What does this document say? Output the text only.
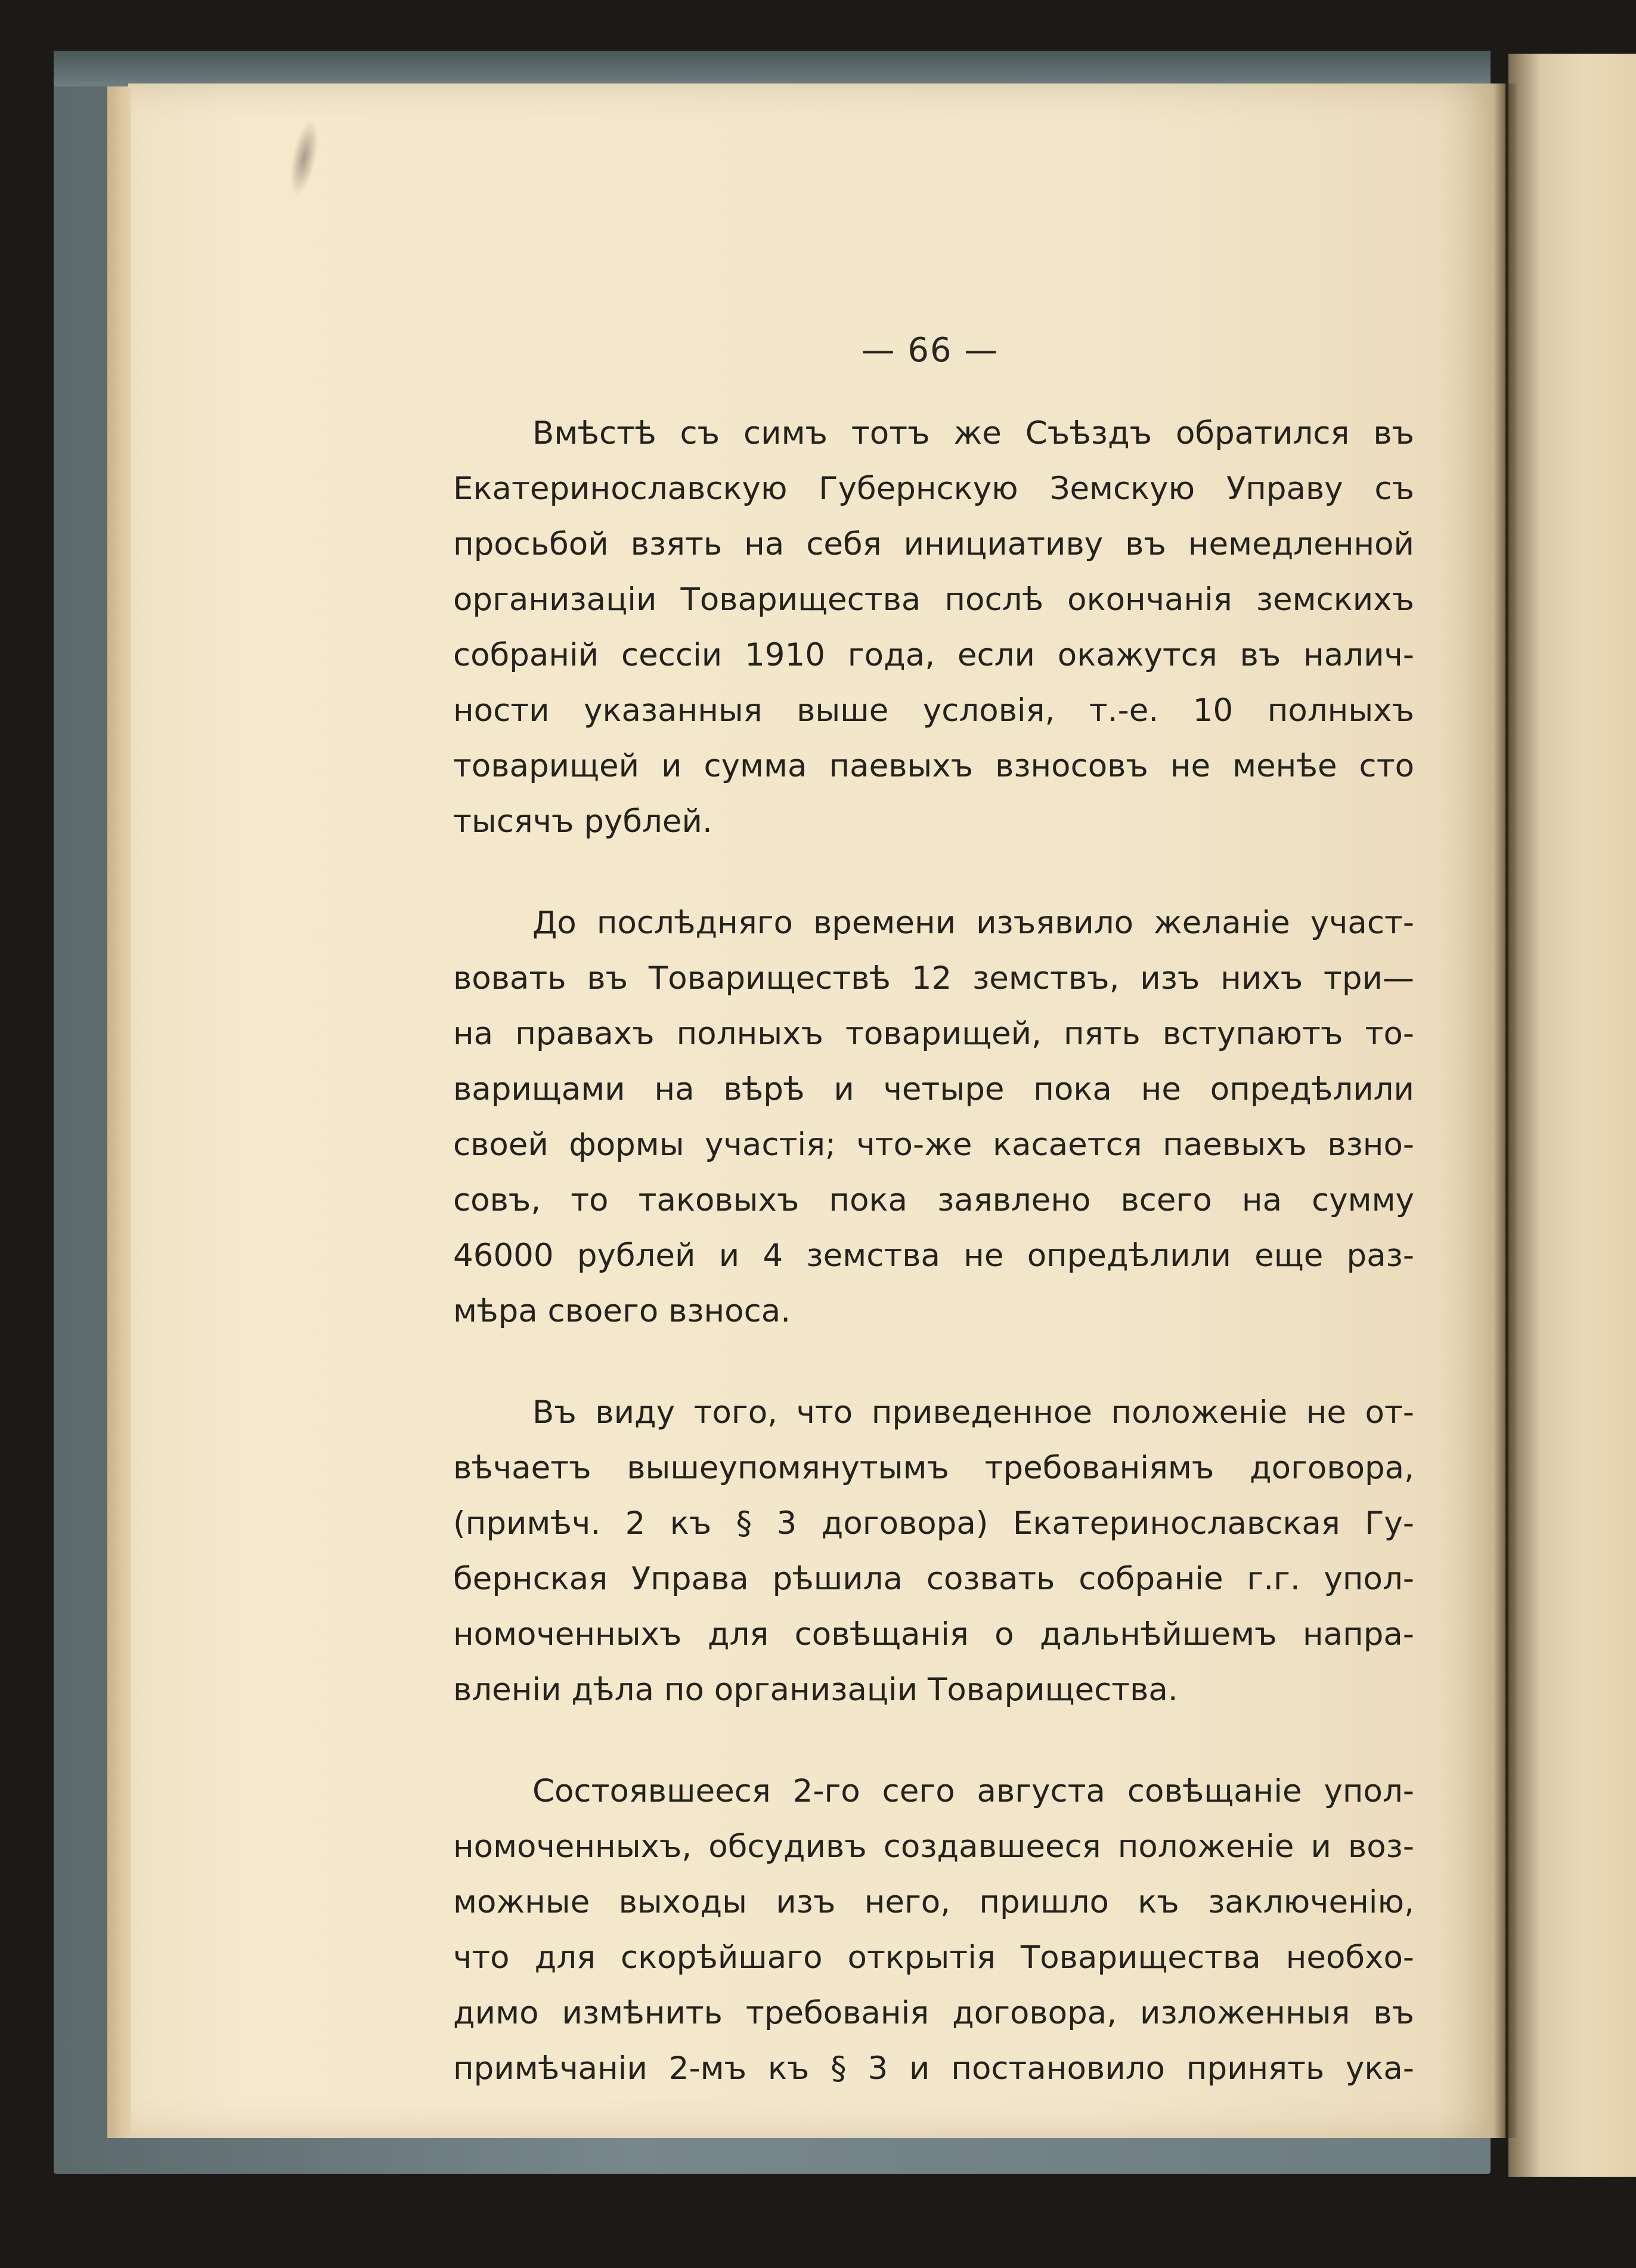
— 66 —
Вмѣстѣ съ симъ тотъ же Съѣздъ обратился въ
Екатеринославскую Губернскую Земскую Управу съ
просьбой взять на себя инициативу въ немедленной
организаціи Товарищества послѣ окончанія земскихъ
собраній сессіи 1910 года, если окажутся въ налич-
ности указанныя выше условія, т.-е. 10 полныхъ
товарищей и сумма паевыхъ взносовъ не менѣе сто
тысячъ рублей.
До послѣдняго времени изъявило желаніе участ-
вовать въ Товариществѣ 12 земствъ, изъ нихъ три—
на правахъ полныхъ товарищей, пять вступаютъ то-
варищами на вѣрѣ и четыре пока не опредѣлили
своей формы участія; что-же касается паевыхъ взно-
совъ, то таковыхъ пока заявлено всего на сумму
46000 рублей и 4 земства не опредѣлили еще раз-
мѣра своего взноса.
Въ виду того, что приведенное положеніе не от-
вѣчаетъ вышеупомянутымъ требованіямъ договора,
(примѣч. 2 къ § 3 договора) Екатеринославская Гу-
бернская Управа рѣшила созвать собраніе г.г. упол-
номоченныхъ для совѣщанія о дальнѣйшемъ напра-
вленіи дѣла по организаціи Товарищества.
Состоявшееся 2-го сего августа совѣщаніе упол-
номоченныхъ, обсудивъ создавшееся положеніе и воз-
можные выходы изъ него, пришло къ заключенію,
что для скорѣйшаго открытія Товарищества необхо-
димо измѣнить требованія договора, изложенныя въ
примѣчаніи 2-мъ къ § 3 и постановило принять ука-
